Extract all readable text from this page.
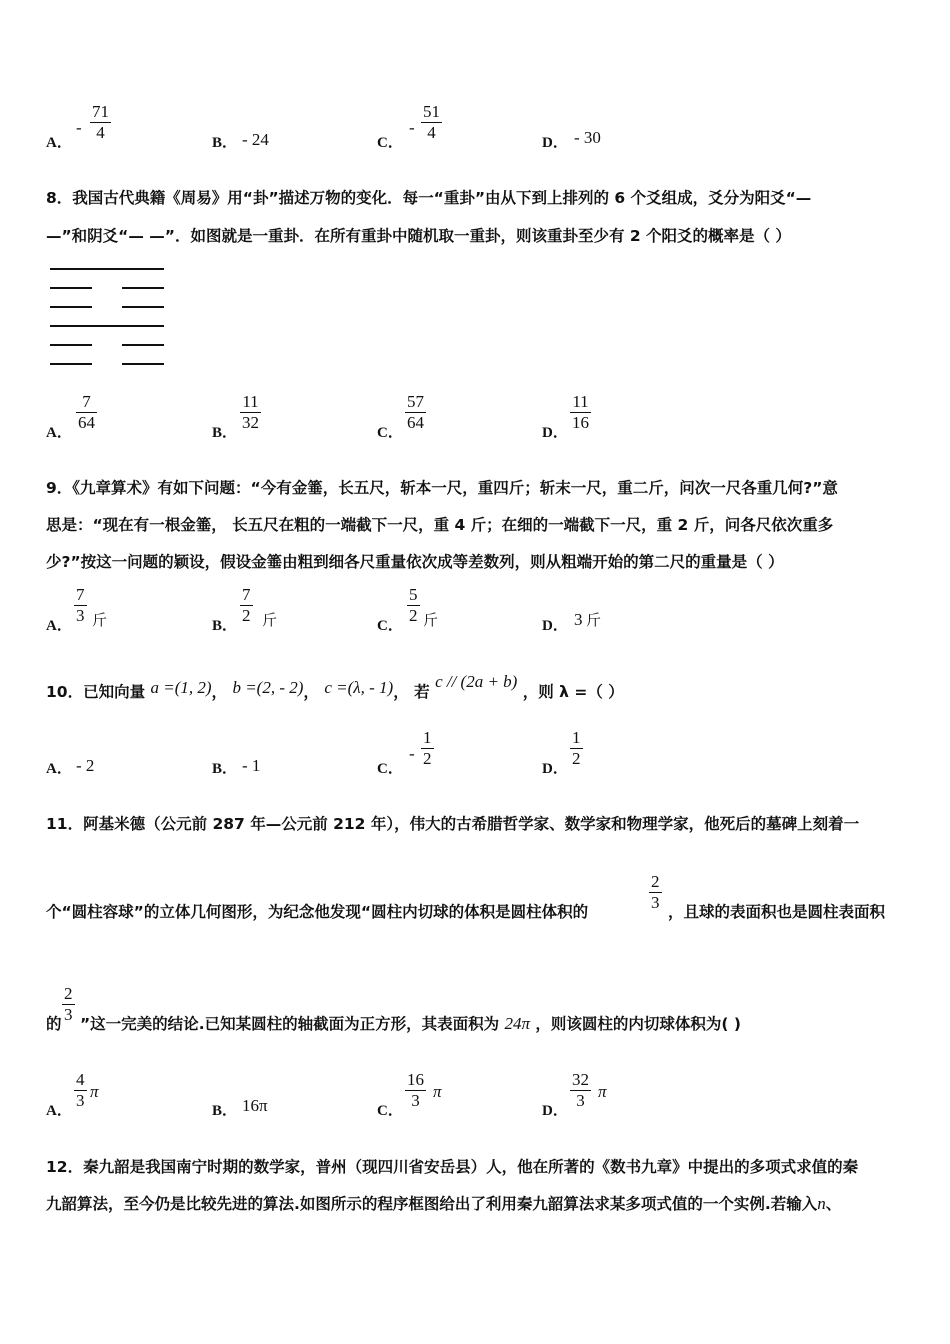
A．
- $\frac{71}{4}$	B． - 24	C．
- $\frac{51}{4}$	D． - 30
8．我国古代典籍《周易》用“卦”描述万物的变化．每一“重卦”由从下到上排列的 6 个爻组成，爻分为阳爻“—
—”和阴爻“— —”．如图就是一重卦．在所有重卦中随机取一重卦，则该重卦至少有 2 个阳爻的概率是（ ）
A． $\frac{7}{64}$	B． $\frac{11}{32}$	C． $\frac{57}{64}$	D． $\frac{11}{16}$
9．《九章算术》有如下问题：“今有金箠，长五尺，斩本一尺，重四斤；斩末一尺，重二斤，问次一尺各重几何?”意
思是：“现在有一根金箠， 长五尺在粗的一端截下一尺，重 4 斤；在细的一端截下一尺，重 2 斤，问各尺依次重多
少?”按这一问题的颖设，假设金箠由粗到细各尺重量依次成等差数列，则从粗端开始的第二尺的重量是（ ）
A． $\frac{7}{3}$ 斤	B． $\frac{7}{2}$ 斤	C． $\frac{5}{2}$ 斤	D． 3 斤
10．已知向量 a =(1, 2)， b =(2, - 2)， c =(λ, - 1)， 若 c // (2a + b) ，则 λ =（ ）
A． - 2	B． - 1	C．
- $\frac{1}{2}$	D． $\frac{1}{2}$
11．阿基米德（公元前 287 年—公元前 212 年），伟大的古希腊哲学家、数学家和物理学家，他死后的墓碑上刻着一
个“圆柱容球”的立体几何图形，为纪念他发现“圆柱内切球的体积是圆柱体积的	$\frac{2}{3}$ ，且球的表面积也是圆柱表面积
的 $\frac{2}{3}$ ”这一完美的结论.已知某圆柱的轴截面为正方形，其表面积为 24π ，则该圆柱的内切球体积为( )
A． $\frac{4}{3}$ π
B． 16π	C． $\frac{16}{3}$ π
D． $\frac{32}{3}$ π
12．秦九韶是我国南宁时期的数学家，普州（现四川省安岳县）人，他在所著的《数书九章》中提出的多项式求值的秦
九韶算法，至今仍是比较先进的算法.如图所示的程序框图给出了利用秦九韶算法求某多项式值的一个实例.若输入n、
